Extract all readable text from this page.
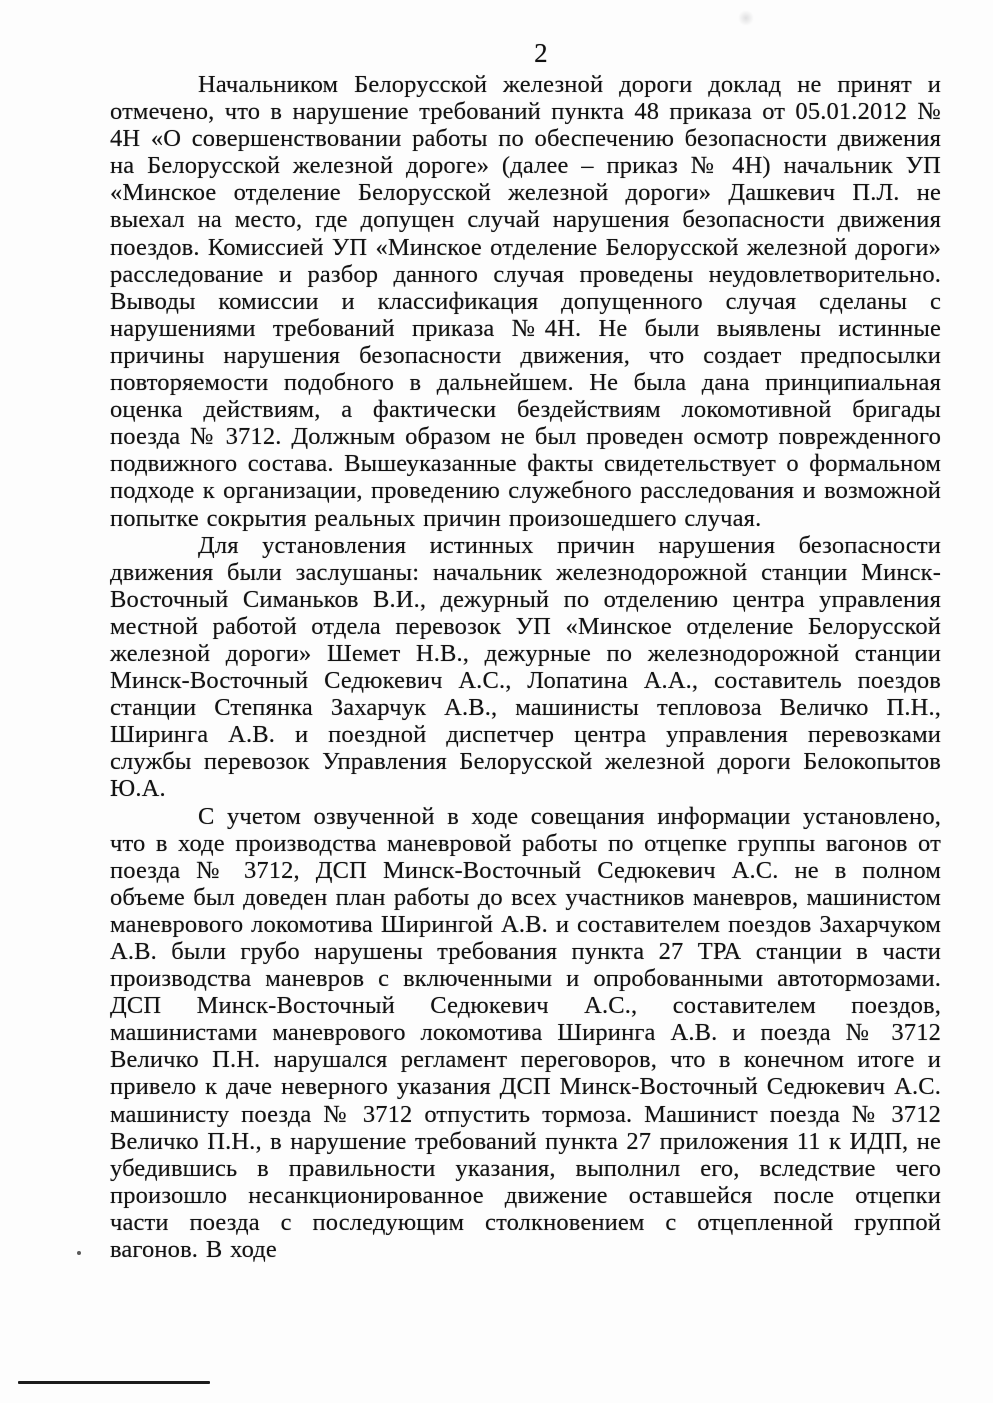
2

Начальником Белорусской железной дороги доклад не принят и отмечено, что в нарушение требований пункта 48 приказа от 05.01.2012 № 4Н «О совершенствовании работы по обеспечению безопасности движения на Белорусской железной дороге» (далее – приказ № 4Н) начальник УП «Минское отделение Белорусской железной дороги» Дашкевич П.Л. не выехал на место, где допущен случай нарушения безопасности движения поездов. Комиссией УП «Минское отделение Белорусской железной дороги» расследование и разбор данного случая проведены неудовлетворительно. Выводы комиссии и классификация допущенного случая сделаны с нарушениями требований приказа №4Н. Не были выявлены истинные причины нарушения безопасности движения, что создает предпосылки повторяемости подобного в дальнейшем. Не была дана принципиальная оценка действиям, а фактически бездействиям локомотивной бригады поезда № 3712. Должным образом не был проведен осмотр поврежденного подвижного состава. Вышеуказанные факты свидетельствует о формальном подходе к организации, проведению служебного расследования и возможной попытке сокрытия реальных причин произошедшего случая.

Для установления истинных причин нарушения безопасности движения были заслушаны: начальник железнодорожной станции Минск-Восточный Симаньков В.И., дежурный по отделению центра управления местной работой отдела перевозок УП «Минское отделение Белорусской железной дороги» Шемет Н.В., дежурные по железнодорожной станции Минск-Восточный Седюкевич А.С., Лопатина А.А., составитель поездов станции Степянка Захарчук А.В., машинисты тепловоза Величко П.Н., Ширинга А.В. и поездной диспетчер центра управления перевозками службы перевозок Управления Белорусской железной дороги Белокопытов Ю.А.

С учетом озвученной в ходе совещания информации установлено, что в ходе производства маневровой работы по отцепке группы вагонов от поезда № 3712, ДСП Минск-Восточный Седюкевич А.С. не в полном объеме был доведен план работы до всех участников маневров, машинистом маневрового локомотива Ширингой А.В. и составителем поездов Захарчуком А.В. были грубо нарушены требования пункта 27 ТРА станции в части производства маневров с включенными и опробованными автотормозами. ДСП Минск-Восточный Седюкевич А.С., составителем поездов, машинистами маневрового локомотива Ширинга А.В. и поезда № 3712 Величко П.Н. нарушался регламент переговоров, что в конечном итоге и привело к даче неверного указания ДСП Минск-Восточный Седюкевич А.С. машинисту поезда № 3712 отпустить тормоза. Машинист поезда № 3712 Величко П.Н., в нарушение требований пункта 27 приложения 11 к ИДП, не убедившись в правильности указания, выполнил его, вследствие чего произошло несанкционированное движение оставшейся после отцепки части поезда с последующим столкновением с отцепленной группой вагонов. В ходе
